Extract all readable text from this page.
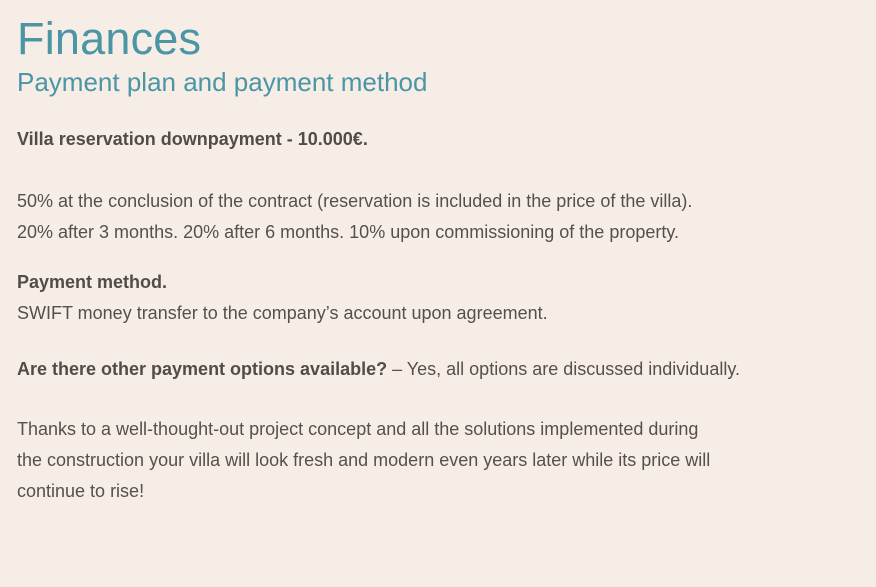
Finances
Payment plan and payment method
Villa reservation downpayment - 10.000€.
50% at the conclusion of the contract (reservation is included in the price of the villa).
20% after 3 months. 20% after 6 months. 10% upon commissioning of the property.
Payment method.
SWIFT money transfer to the company’s account upon agreement.
Are there other payment options available? – Yes, all options are discussed individually.
Thanks to a well-thought-out project concept and all the solutions implemented during
the construction your villa will look fresh and modern even years later while its price will
continue to rise!
